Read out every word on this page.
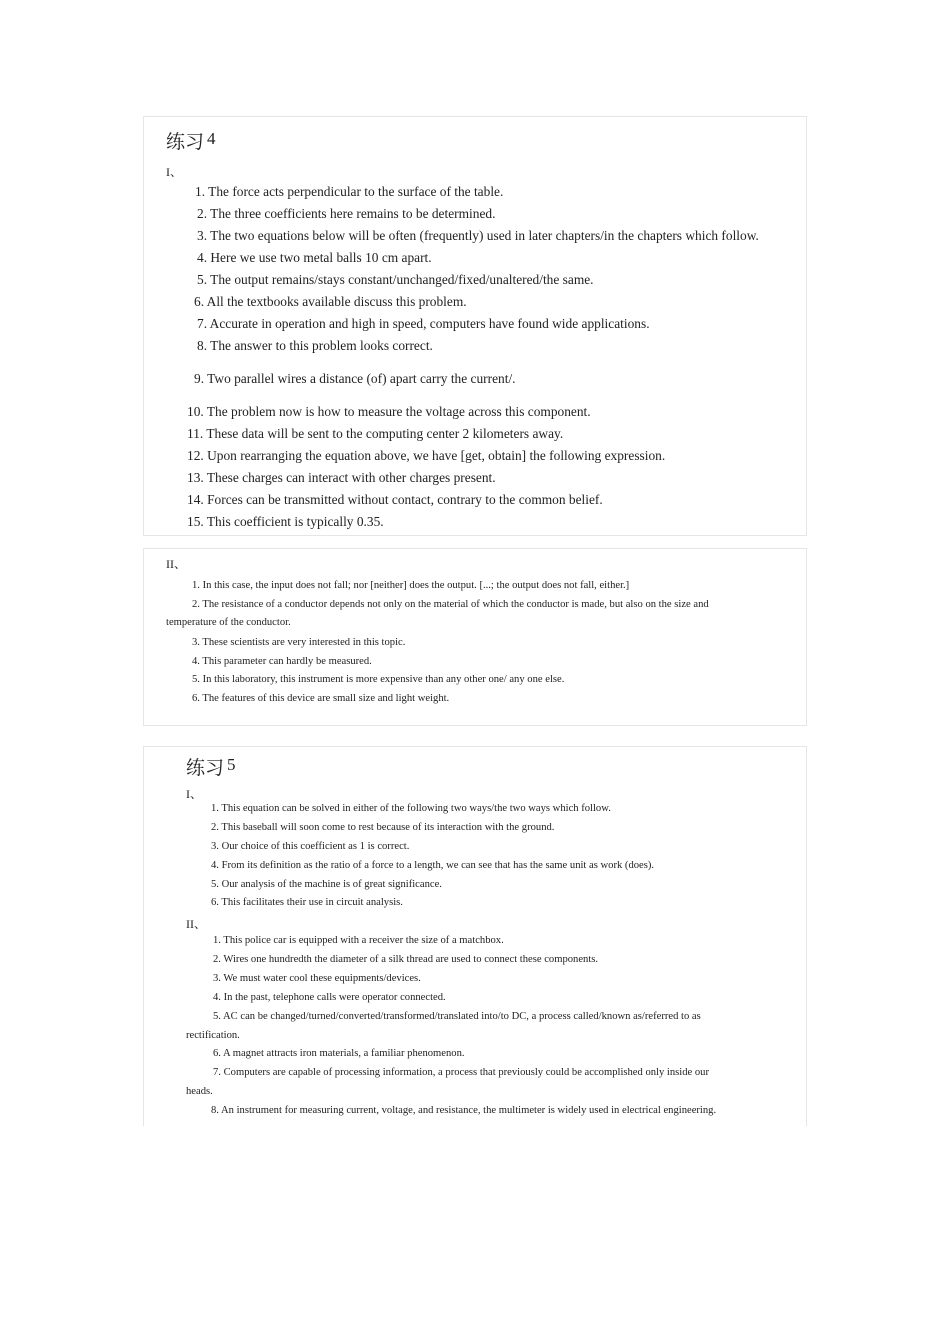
练习 4
I、
1. The force acts perpendicular to the surface of the table.
2. The three coefficients here remains to be determined.
3. The two equations below will be often (frequently) used in later chapters/in the chapters which follow.
4. Here we use two metal balls 10 cm apart.
5. The output remains/stays constant/unchanged/fixed/unaltered/the same.
6. All the textbooks available discuss this problem.
7. Accurate in operation and high in speed, computers have found wide applications.
8. The answer to this problem looks correct.
9. Two parallel wires a distance (of) apart carry the current/.
10. The problem now is how to measure the voltage across this component.
11. These data will be sent to the computing center 2 kilometers away.
12. Upon rearranging the equation above, we have [get, obtain] the following expression.
13. These charges can interact with other charges present.
14. Forces can be transmitted without contact, contrary to the common belief.
15. This coefficient is typically 0.35.
II、
1. In this case, the input does not fall; nor [neither] does the output. [...; the output does not fall, either.]
2. The resistance of a conductor depends not only on the material of which the conductor is made, but also on the size and
temperature of the conductor.
3. These scientists are very interested in this topic.
4. This parameter can hardly be measured.
5. In this laboratory, this instrument is more expensive than any other one/ any one else.
6. The features of this device are small size and light weight.
练习 5
I、
1. This equation can be solved in either of the following two ways/the two ways which follow.
2. This baseball will soon come to rest because of its interaction with the ground.
3. Our choice of this coefficient as 1 is correct.
4. From its definition as the ratio of a force to a length, we can see that has the same unit as work (does).
5. Our analysis of the machine is of great significance.
6. This facilitates their use in circuit analysis.
II、
1. This police car is equipped with a receiver the size of a matchbox.
2. Wires one hundredth the diameter of a silk thread are used to connect these components.
3. We must water cool these equipments/devices.
4. In the past, telephone calls were operator connected.
5. AC can be changed/turned/converted/transformed/translated into/to DC, a process called/known as/referred to as
rectification.
6. A magnet attracts iron materials, a familiar phenomenon.
7. Computers are capable of processing information, a process that previously could be accomplished only inside our
heads.
8. An instrument for measuring current, voltage, and resistance, the multimeter is widely used in electrical engineering.
